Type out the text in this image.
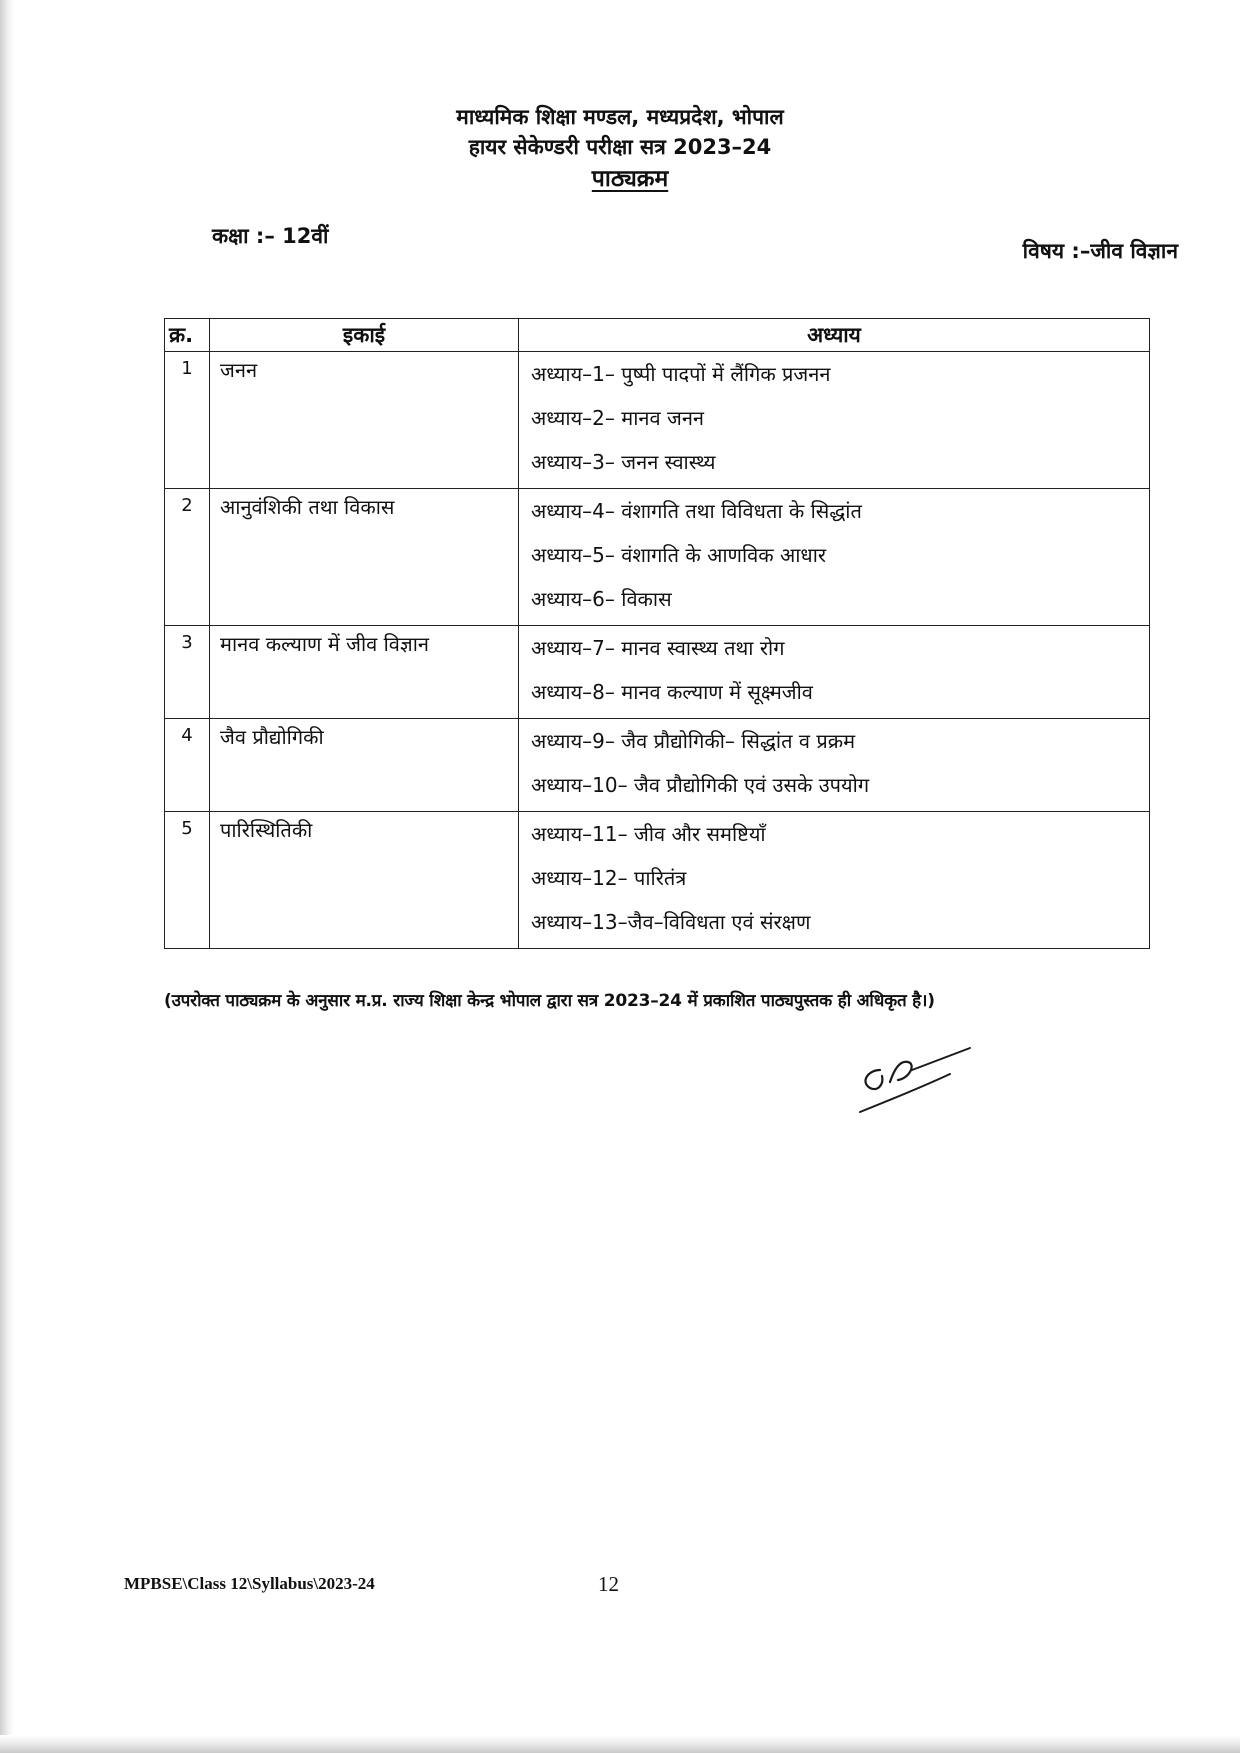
माध्यमिक शिक्षा मण्डल, मध्यप्रदेश, भोपाल
हायर सेकेण्डरी परीक्षा सत्र 2023–24
पाठ्यक्रम
कक्षा :– 12वीं
विषय :–जीव विज्ञान
क्र.	इकाई	अध्याय
1	जनन	अध्याय–1– पुष्पी पादपों में लैंगिक प्रजनन
अध्याय–2– मानव जनन
अध्याय–3– जनन स्वास्थ्य

2	आनुवंशिकी तथा विकास	अध्याय–4– वंशागति तथा विविधता के सिद्धांत
अध्याय–5– वंशागति के आणविक आधार
अध्याय–6– विकास

3	मानव कल्याण में जीव विज्ञान	अध्याय–7– मानव स्वास्थ्य तथा रोग
अध्याय–8– मानव कल्याण में सूक्ष्मजीव

4	जैव प्रौद्योगिकी	अध्याय–9– जैव प्रौद्योगिकी– सिद्धांत व प्रक्रम
अध्याय–10– जैव प्रौद्योगिकी एवं उसके उपयोग

5	पारिस्थितिकी	अध्याय–11– जीव और समष्टियाँ
अध्याय–12– पारितंत्र
अध्याय–13–जैव–विविधता एवं संरक्षण
(उपरोक्त पाठ्यक्रम के अनुसार म.प्र. राज्य शिक्षा केन्द्र भोपाल द्वारा सत्र 2023–24 में प्रकाशित पाठ्यपुस्तक ही अधिकृत है।)
MPBSE\Class 12\Syllabus\2023-24	12
